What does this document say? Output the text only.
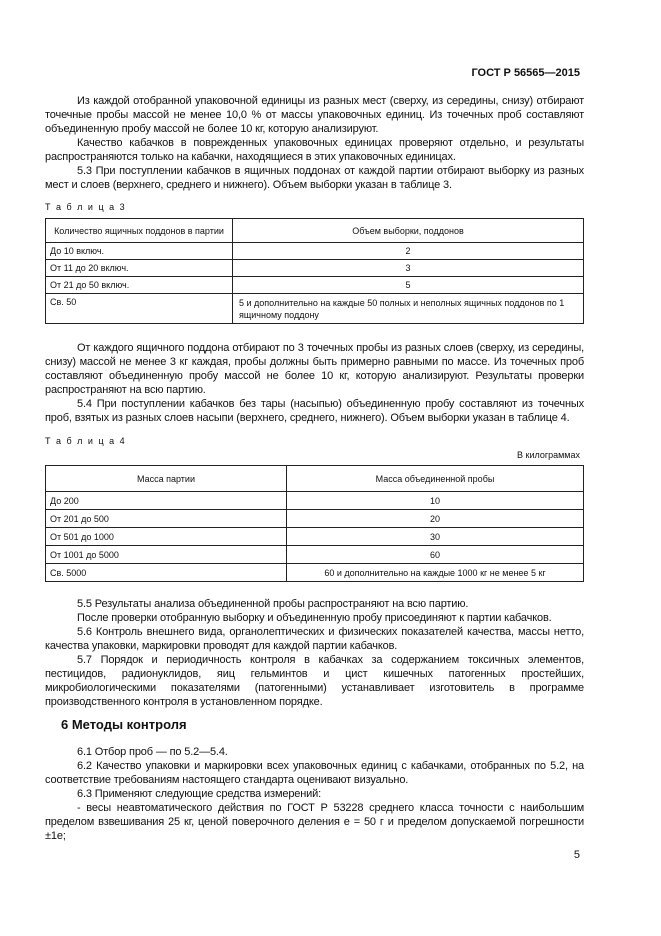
ГОСТ Р 56565—2015

Из каждой отобранной упаковочной единицы из разных мест (сверху, из середины, снизу) отбирают точечные пробы массой не менее 10,0 % от массы упаковочных единиц. Из точечных проб составляют объединенную пробу массой не более 10 кг, которую анализируют.

Качество кабачков в поврежденных упаковочных единицах проверяют отдельно, и результаты распространяются только на кабачки, находящиеся в этих упаковочных единицах.

5.3 При поступлении кабачков в ящичных поддонах от каждой партии отбирают выборку из разных мест и слоев (верхнего, среднего и нижнего). Объем выборки указан в таблице 3.

Т а б л и ц а 3
Количество ящичных поддонов в партии	Объем выборки, поддонов
До 10 включ.	2
От 11 до 20 включ.	3
От 21 до 50 включ.	5
Св. 50	5 и дополнительно на каждые 50 полных и неполных ящичных поддонов по 1 ящичному поддону

От каждого ящичного поддона отбирают по 3 точечных пробы из разных слоев (сверху, из середины, снизу) массой не менее 3 кг каждая, пробы должны быть примерно равными по массе. Из точечных проб составляют объединенную пробу массой не более 10 кг, которую анализируют. Результаты проверки распространяют на всю партию.

5.4 При поступлении кабачков без тары (насыпью) объединенную пробу составляют из точечных проб, взятых из разных слоев насыпи (верхнего, среднего, нижнего). Объем выборки указан в таблице 4.

Т а б л и ц а 4
В килограммах
Масса партии	Масса объединенной пробы
До 200	10
От 201 до 500	20
От 501 до 1000	30
От 1001 до 5000	60
Св. 5000	60 и дополнительно на каждые 1000 кг не менее 5 кг

5.5 Результаты анализа объединенной пробы распространяют на всю партию.

После проверки отобранную выборку и объединенную пробу присоединяют к партии кабачков.

5.6 Контроль внешнего вида, органолептических и физических показателей качества, массы нетто, качества упаковки, маркировки проводят для каждой партии кабачков.

5.7 Порядок и периодичность контроля в кабачках за содержанием токсичных элементов, пестицидов, радионуклидов, яиц гельминтов и цист кишечных патогенных простейших, микробиологическими показателями (патогенными) устанавливает изготовитель в программе производственного контроля в установленном порядке.

6 Методы контроля

6.1 Отбор проб — по 5.2—5.4.

6.2 Качество упаковки и маркировки всех упаковочных единиц с кабачками, отобранных по 5.2, на соответствие требованиям настоящего стандарта оценивают визуально.

6.3 Применяют следующие средства измерений:

- весы неавтоматического действия по ГОСТ Р 53228 среднего класса точности с наибольшим пределом взвешивания 25 кг, ценой поверочного деления е = 50 г и пределом допускаемой погрешности ±1е;

5
